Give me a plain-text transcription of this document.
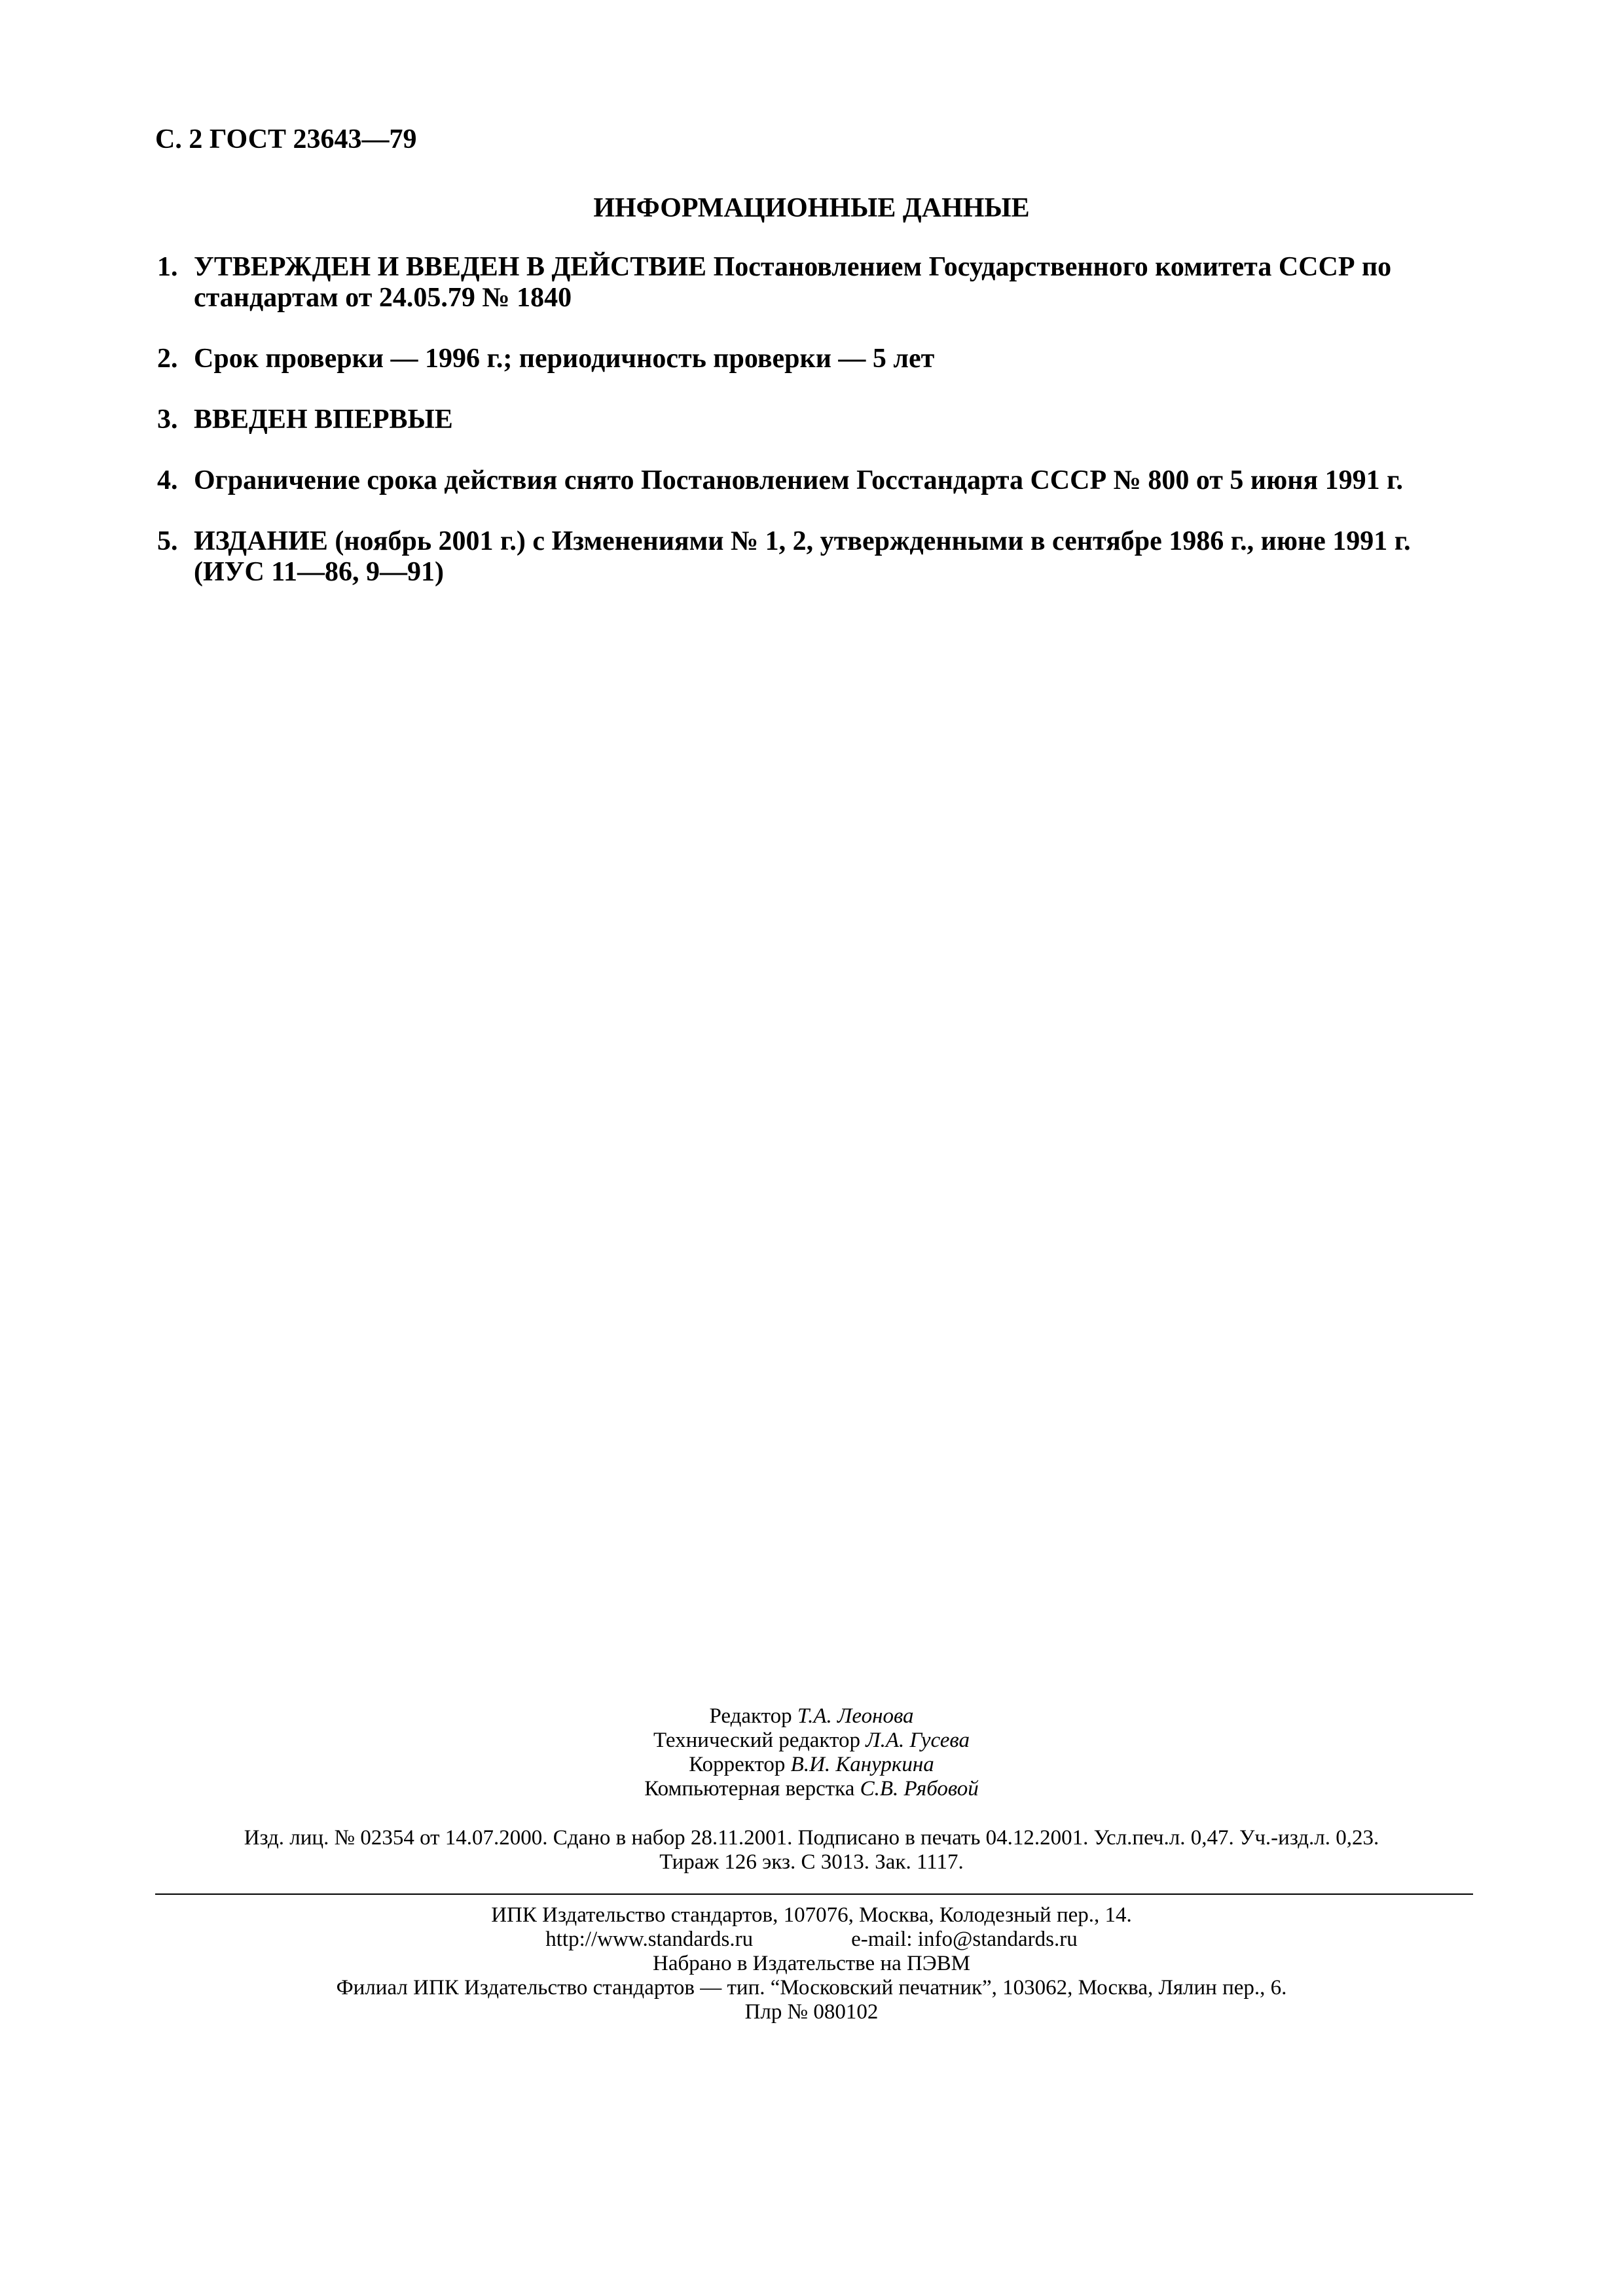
С. 2 ГОСТ 23643—79
ИНФОРМАЦИОННЫЕ ДАННЫЕ
1. УТВЕРЖДЕН И ВВЕДЕН В ДЕЙСТВИЕ Постановлением Государственного комитета СССР по
стандартам от 24.05.79 № 1840
2. Срок проверки — 1996 г.; периодичность проверки — 5 лет
3. ВВЕДЕН ВПЕРВЫЕ
4. Ограничение срока действия снято Постановлением Госстандарта СССР № 800 от 5 июня 1991 г.
5. ИЗДАНИЕ (ноябрь 2001 г.) с Изменениями № 1, 2, утвержденными в сентябре 1986 г., июне 1991 г.
(ИУС 11—86, 9—91)
Редактор Т.А. Леонова
Технический редактор Л.А. Гусева
Корректор В.И. Кануркина
Компьютерная верстка С.В. Рябовой
Изд. лиц. № 02354 от 14.07.2000. Сдано в набор 28.11.2001. Подписано в печать 04.12.2001. Усл.печ.л. 0,47. Уч.-изд.л. 0,23.
Тираж 126 экз. С 3013. Зак. 1117.
ИПК Издательство стандартов, 107076, Москва, Колодезный пер., 14.
http://www.standards.ru	e-mail: info@standards.ru
Набрано в Издательстве на ПЭВМ
Филиал ИПК Издательство стандартов — тип. “Московский печатник”, 103062, Москва, Лялин пер., 6.
Плр № 080102
